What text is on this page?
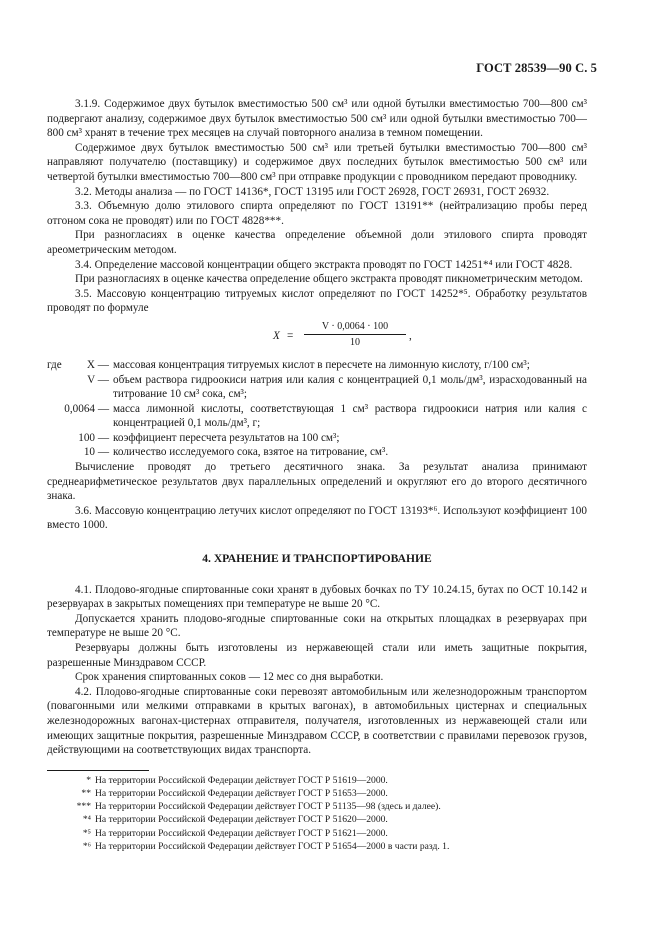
ГОСТ 28539—90 С. 5

3.1.9. Содержимое двух бутылок вместимостью 500 см³ или одной бутылки вместимостью 700—800 см³ подвергают анализу, содержимое двух бутылок вместимостью 500 см³ или одной бутылки вместимостью 700—800 см³ хранят в течение трех месяцев на случай повторного анализа в темном помещении.

Содержимое двух бутылок вместимостью 500 см³ или третьей бутылки вместимостью 700—800 см³ направляют получателю (поставщику) и содержимое двух последних бутылок вместимостью 500 см³ или четвертой бутылки вместимостью 700—800 см³ при отправке продукции с проводником передают проводнику.

3.2. Методы анализа — по ГОСТ 14136*, ГОСТ 13195 или ГОСТ 26928, ГОСТ 26931, ГОСТ 26932.

3.3. Объемную долю этилового спирта определяют по ГОСТ 13191** (нейтрализацию пробы перед отгоном сока не проводят) или по ГОСТ 4828***.

При разногласиях в оценке качества определение объемной доли этилового спирта проводят ареометрическим методом.

3.4. Определение массовой концентрации общего экстракта проводят по ГОСТ 14251*⁴ или ГОСТ 4828.

При разногласиях в оценке качества определение общего экстракта проводят пикнометрическим методом.

3.5. Массовую концентрацию титруемых кислот определяют по ГОСТ 14252*⁵. Обработку результатов проводят по формуле

$X = \frac{V \cdot 0,0064 \cdot 100}{10}$ ,
где	X — массовая концентрация титруемых кислот в пересчете на лимонную кислоту, г/100 см³;
V — объем раствора гидроокиси натрия или калия с концентрацией 0,1 моль/дм³, израсходованный на титрование 10 см³ сока, см³;
0,0064 — масса лимонной кислоты, соответствующая 1 см³ раствора гидроокиси натрия или калия с концентрацией 0,1 моль/дм³, г;
100 — коэффициент пересчета результатов на 100 см³;
10 — количество исследуемого сока, взятое на титрование, см³.

Вычисление проводят до третьего десятичного знака. За результат анализа принимают среднеарифметическое результатов двух параллельных определений и округляют его до второго десятичного знака.

3.6. Массовую концентрацию летучих кислот определяют по ГОСТ 13193*⁶. Используют коэффициент 100 вместо 1000.

4. ХРАНЕНИЕ И ТРАНСПОРТИРОВАНИЕ

4.1. Плодово-ягодные спиртованные соки хранят в дубовых бочках по ТУ 10.24.15, бутах по ОСТ 10.142 и резервуарах в закрытых помещениях при температуре не выше 20 °С.

Допускается хранить плодово-ягодные спиртованные соки на открытых площадках в резервуарах при температуре не выше 20 °С.

Резервуары должны быть изготовлены из нержавеющей стали или иметь защитные покрытия, разрешенные Минздравом СССР.

Срок хранения спиртованных соков — 12 мес со дня выработки.

4.2. Плодово-ягодные спиртованные соки перевозят автомобильным или железнодорожным транспортом (повагонными или мелкими отправками в крытых вагонах), в автомобильных цистернах и специальных железнодорожных вагонах-цистернах отправителя, получателя, изготовленных из нержавеющей стали или имеющих защитные покрытия, разрешенные Минздравом СССР, в соответствии с правилами перевозок грузов, действующими на соответствующих видах транспорта.

* На территории Российской Федерации действует ГОСТ Р 51619—2000.
** На территории Российской Федерации действует ГОСТ Р 51653—2000.
*** На территории Российской Федерации действует ГОСТ Р 51135—98 (здесь и далее).
*⁴ На территории Российской Федерации действует ГОСТ Р 51620—2000.
*⁵ На территории Российской Федерации действует ГОСТ Р 51621—2000.
*⁶ На территории Российской Федерации действует ГОСТ Р 51654—2000 в части разд. 1.
